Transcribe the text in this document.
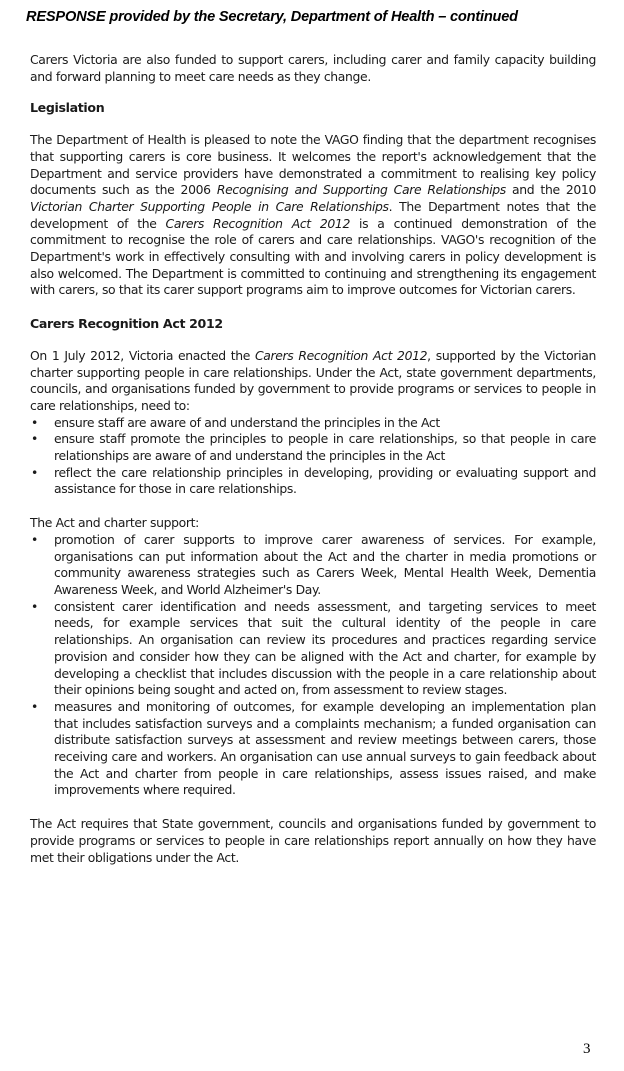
RESPONSE provided by the Secretary, Department of Health – continued

Carers Victoria are also funded to support carers, including carer and family capacity building and forward planning to meet care needs as they change.

Legislation

The Department of Health is pleased to note the VAGO finding that the department recognises that supporting carers is core business. It welcomes the report's acknowledgement that the Department and service providers have demonstrated a commitment to realising key policy documents such as the 2006 Recognising and Supporting Care Relationships and the 2010 Victorian Charter Supporting People in Care Relationships. The Department notes that the development of the Carers Recognition Act 2012 is a continued demonstration of the commitment to recognise the role of carers and care relationships. VAGO's recognition of the Department's work in effectively consulting with and involving carers in policy development is also welcomed. The Department is committed to continuing and strengthening its engagement with carers, so that its carer support programs aim to improve outcomes for Victorian carers.

Carers Recognition Act 2012

On 1 July 2012, Victoria enacted the Carers Recognition Act 2012, supported by the Victorian charter supporting people in care relationships. Under the Act, state government departments, councils, and organisations funded by government to provide programs or services to people in care relationships, need to:

• ensure staff are aware of and understand the principles in the Act
• ensure staff promote the principles to people in care relationships, so that people in care relationships are aware of and understand the principles in the Act
• reflect the care relationship principles in developing, providing or evaluating support and assistance for those in care relationships.

The Act and charter support:

• promotion of carer supports to improve carer awareness of services. For example, organisations can put information about the Act and the charter in media promotions or community awareness strategies such as Carers Week, Mental Health Week, Dementia Awareness Week, and World Alzheimer's Day.
• consistent carer identification and needs assessment, and targeting services to meet needs, for example services that suit the cultural identity of the people in care relationships. An organisation can review its procedures and practices regarding service provision and consider how they can be aligned with the Act and charter, for example by developing a checklist that includes discussion with the people in a care relationship about their opinions being sought and acted on, from assessment to review stages.
• measures and monitoring of outcomes, for example developing an implementation plan that includes satisfaction surveys and a complaints mechanism; a funded organisation can distribute satisfaction surveys at assessment and review meetings between carers, those receiving care and workers. An organisation can use annual surveys to gain feedback about the Act and charter from people in care relationships, assess issues raised, and make improvements where required.

The Act requires that State government, councils and organisations funded by government to provide programs or services to people in care relationships report annually on how they have met their obligations under the Act.

3
